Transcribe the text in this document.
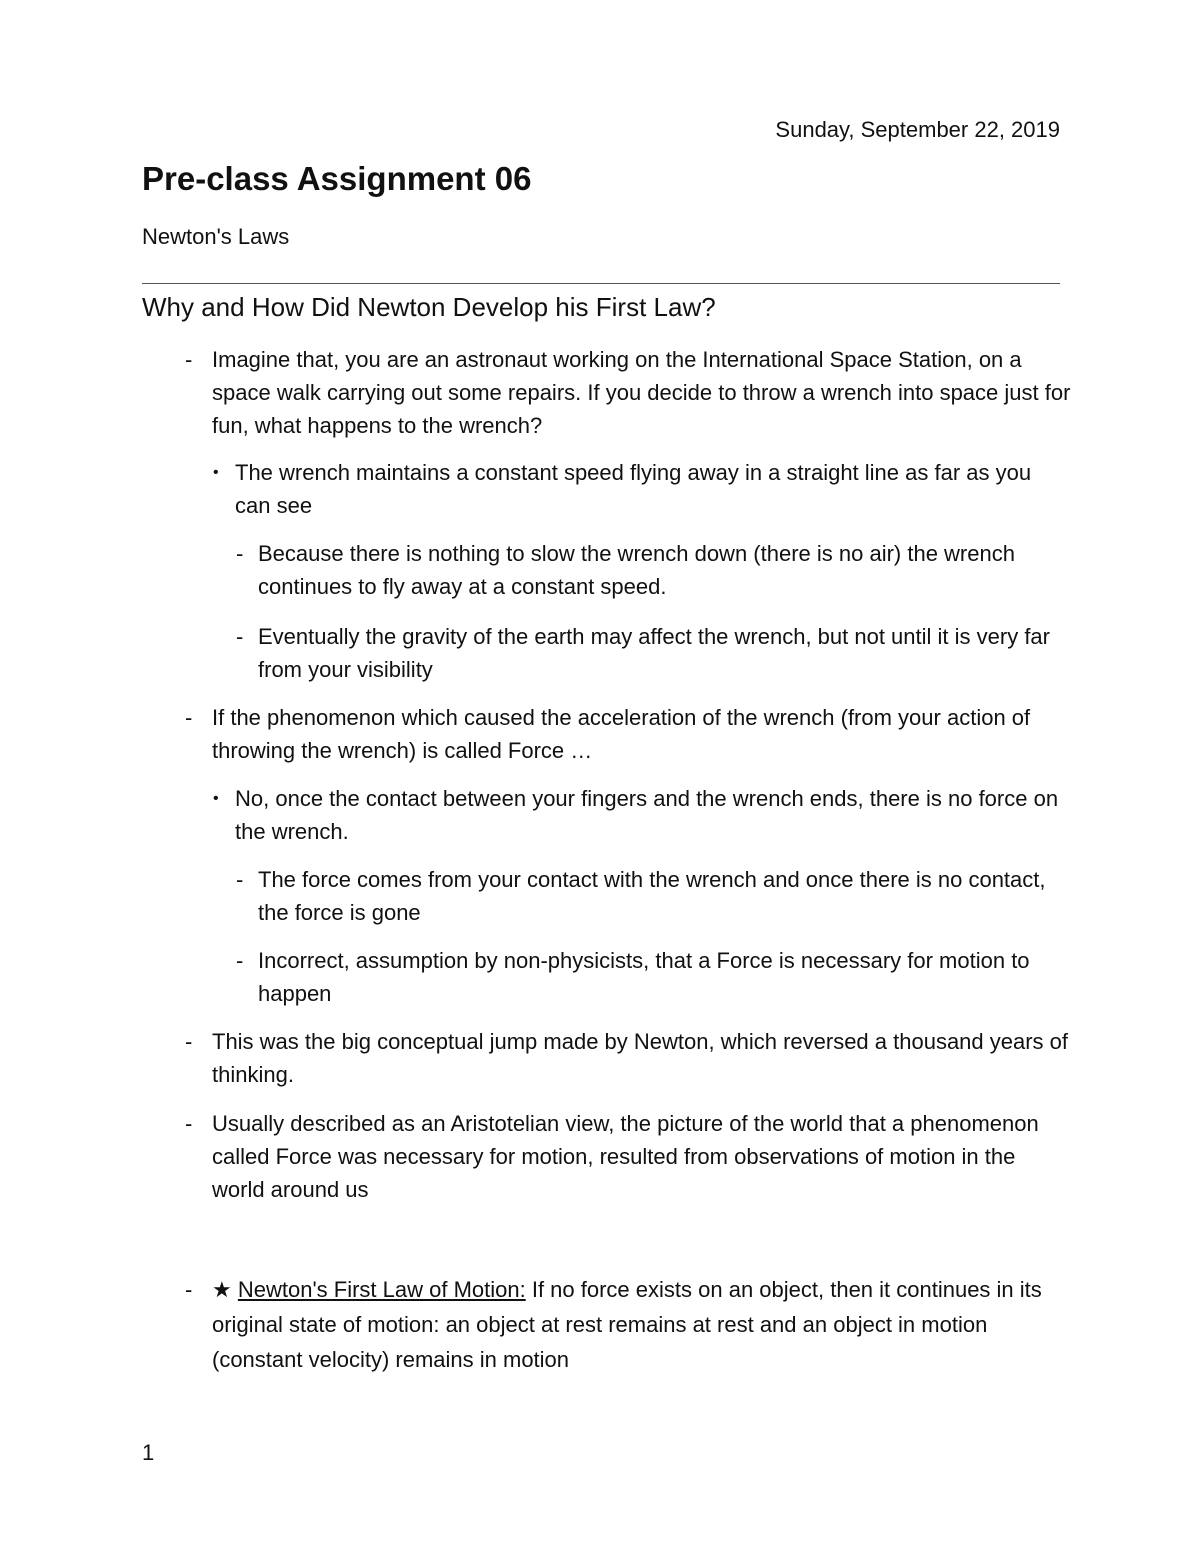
Sunday, September 22, 2019
Pre-class Assignment 06
Newton's Laws
Why and How Did Newton Develop his First Law?
- Imagine that, you are an astronaut working on the International Space Station, on a space walk carrying out some repairs. If you decide to throw a wrench into space just for fun, what happens to the wrench?
• The wrench maintains a constant speed flying away in a straight line as far as you can see
- Because there is nothing to slow the wrench down (there is no air) the wrench continues to fly away at a constant speed.
- Eventually the gravity of the earth may affect the wrench, but not until it is very far from your visibility
- If the phenomenon which caused the acceleration of the wrench (from your action of throwing the wrench) is called Force …
• No, once the contact between your fingers and the wrench ends, there is no force on the wrench.
- The force comes from your contact with the wrench and once there is no contact, the force is gone
- Incorrect, assumption by non-physicists, that a Force is necessary for motion to happen
- This was the big conceptual jump made by Newton, which reversed a thousand years of thinking.
- Usually described as an Aristotelian view, the picture of the world that a phenomenon called Force was necessary for motion, resulted from observations of motion in the world around us
- ★ Newton's First Law of Motion: If no force exists on an object, then it continues in its original state of motion: an object at rest remains at rest and an object in motion (constant velocity) remains in motion
1
